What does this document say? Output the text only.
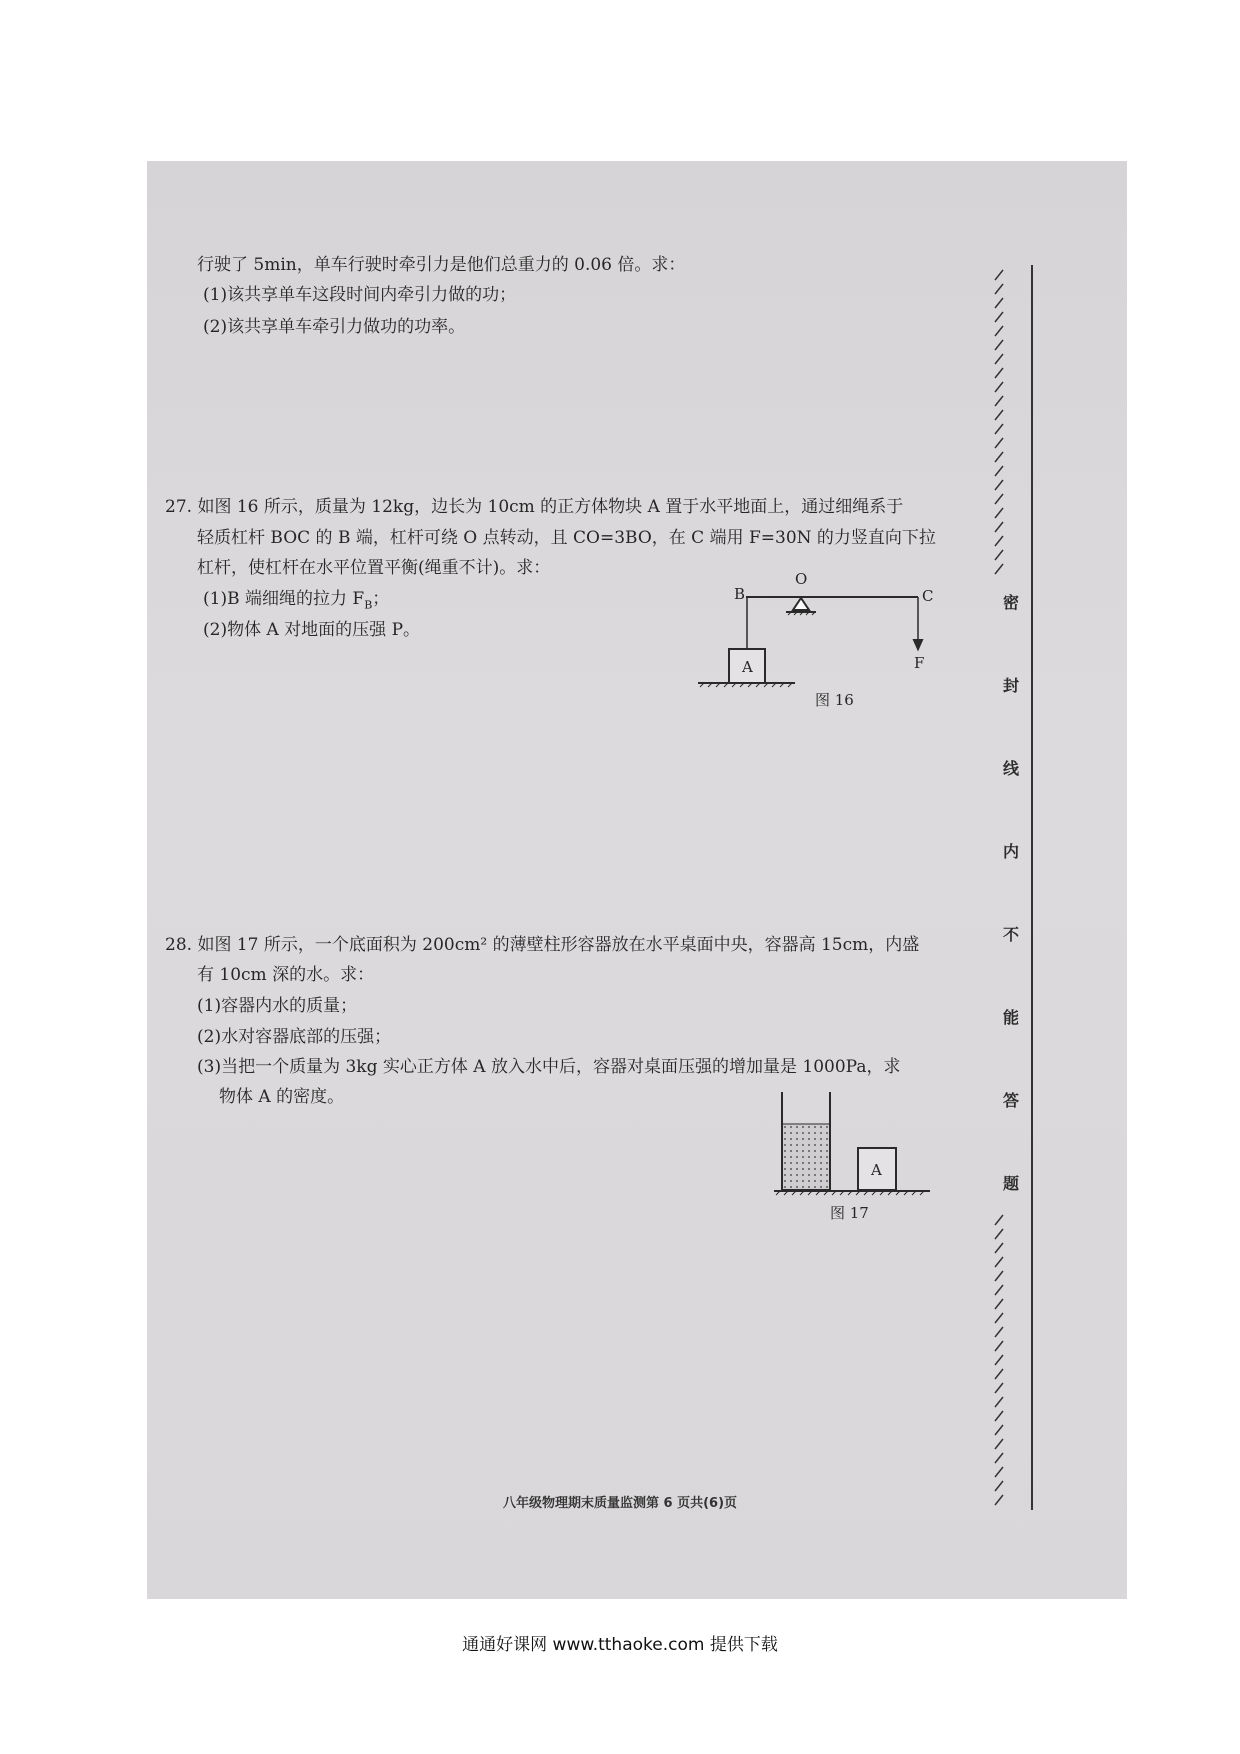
行驶了 5min，单车行驶时牵引力是他们总重力的 0.06 倍。求：
(1)该共享单车这段时间内牵引力做的功；
(2)该共享单车牵引力做功的功率。
27. 如图 16 所示，质量为 12kg，边长为 10cm 的正方体物块 A 置于水平地面上，通过细绳系于
轻质杠杆 BOC 的 B 端，杠杆可绕 O 点转动，且 CO=3BO，在 C 端用 F=30N 的力竖直向下拉
杠杆，使杠杆在水平位置平衡(绳重不计)。求：
(1)B 端细绳的拉力 $F_B$；
(2)物体 A 对地面的压强 P。
B
O
C
F
A
图 16
28. 如图 17 所示，一个底面积为 200cm² 的薄壁柱形容器放在水平桌面中央，容器高 15cm，内盛
有 10cm 深的水。求：
(1)容器内水的质量；
(2)水对容器底部的压强；
(3)当把一个质量为 3kg 实心正方体 A 放入水中后，容器对桌面压强的增加量是 1000Pa，求
物体 A 的密度。
A
图 17
密
封
线
内
不
能
答
题
八年级物理期末质量监测第 6 页共(6)页
通通好课网 www.tthaoke.com 提供下载
